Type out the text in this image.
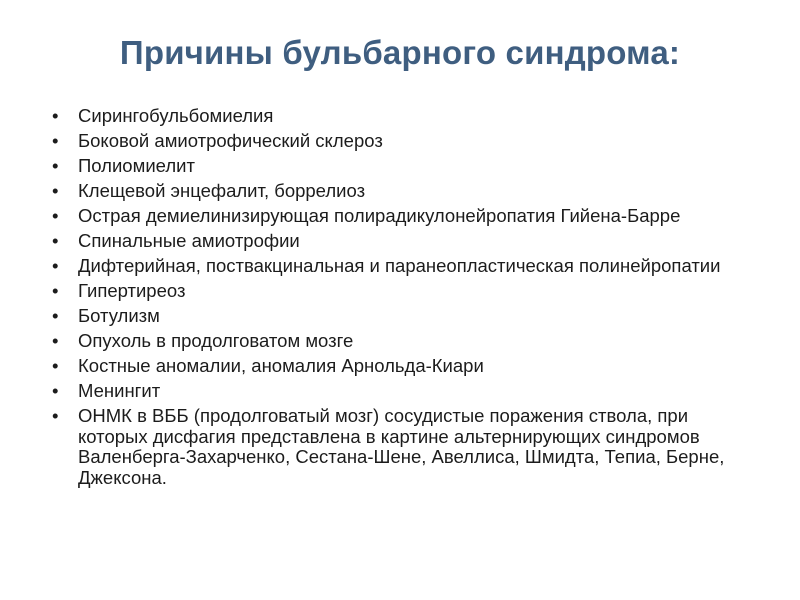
Причины бульбарного синдрома:
• Сирингобульбомиелия
• Боковой амиотрофический склероз
• Полиомиелит
• Клещевой энцефалит, боррелиоз
• Острая демиелинизирующая полирадикулонейропатия Гийена-Барре
• Спинальные амиотрофии
• Дифтерийная, поствакцинальная и паранеопластическая полинейропатии
• Гипертиреоз
• Ботулизм
• Опухоль в продолговатом мозге
• Костные аномалии, аномалия Арнольда-Киари
• Менингит
• ОНМК в ВББ (продолговатый мозг) сосудистые поражения ствола, при которых дисфагия представлена в картине альтернирующих синдромов Валенберга-Захарченко, Сестана-Шене, Авеллиса, Шмидта, Тепиа, Берне, Джексона.
